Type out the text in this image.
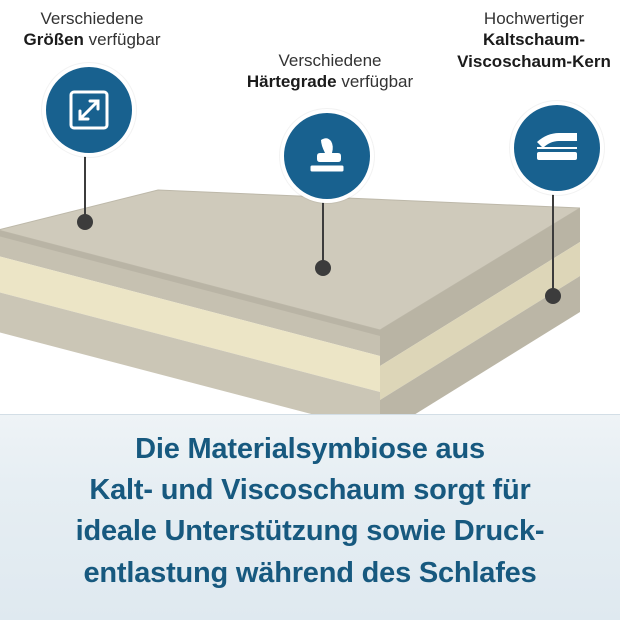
Verschiedene
Größen verfügbar
Verschiedene
Härtegrade verfügbar
Hochwertiger
Kaltschaum-
Viscoschaum-Kern
Die Materialsymbiose aus
Kalt- und Viscoschaum sorgt für
ideale Unterstützung sowie Druck-
entlastung während des Schlafes
